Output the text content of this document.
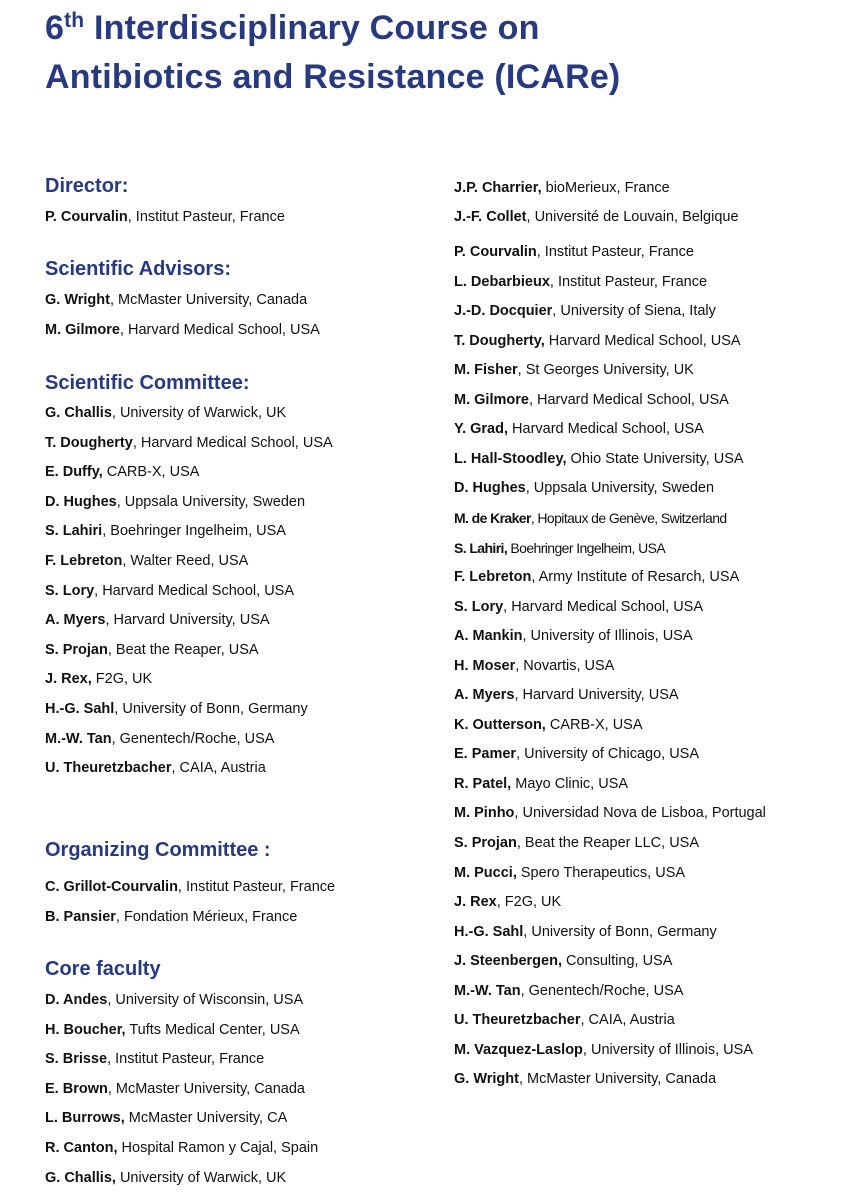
6th Interdisciplinary Course on
Antibiotics and Resistance (ICARe)
Director:
Scientific Advisors:
Scientific Committee:
Organizing Committee :
Core faculty
P. Courvalin, Institut Pasteur, France
G. Wright, McMaster University, Canada
M. Gilmore, Harvard Medical School, USA
G. Challis, University of Warwick, UK
T. Dougherty, Harvard Medical School, USA
E. Duffy, CARB-X, USA
D. Hughes, Uppsala University, Sweden
S. Lahiri, Boehringer Ingelheim, USA
F. Lebreton, Walter Reed, USA
S. Lory, Harvard Medical School, USA
A. Myers, Harvard University, USA
S. Projan, Beat the Reaper, USA
J. Rex, F2G, UK
H.-G. Sahl, University of Bonn, Germany
M.-W. Tan, Genentech/Roche, USA
U. Theuretzbacher, CAIA, Austria
C. Grillot-Courvalin, Institut Pasteur, France
B. Pansier, Fondation Mérieux, France
D. Andes, University of Wisconsin, USA
H. Boucher, Tufts Medical Center, USA
S. Brisse, Institut Pasteur, France
E. Brown, McMaster University, Canada
L. Burrows, McMaster University, CA
R. Canton, Hospital Ramon y Cajal, Spain
G. Challis, University of Warwick, UK
J.P. Charrier, bioMerieux, France
J.-F. Collet, Université de Louvain, Belgique
P. Courvalin, Institut Pasteur, France
L. Debarbieux, Institut Pasteur, France
J.-D. Docquier, University of Siena, Italy
T. Dougherty, Harvard Medical School, USA
M. Fisher, St Georges University, UK
M. Gilmore, Harvard Medical School, USA
Y. Grad, Harvard Medical School, USA
L. Hall-Stoodley, Ohio State University, USA
D. Hughes, Uppsala University, Sweden
M. de Kraker, Hopitaux de Genève, Switzerland
S. Lahiri, Boehringer Ingelheim, USA
F. Lebreton, Army Institute of Resarch, USA
S. Lory, Harvard Medical School, USA
A. Mankin, University of Illinois, USA
H. Moser, Novartis, USA
A. Myers, Harvard University, USA
K. Outterson, CARB-X, USA
E. Pamer, University of Chicago, USA
R. Patel, Mayo Clinic, USA
M. Pinho, Universidad Nova de Lisboa, Portugal
S. Projan, Beat the Reaper LLC, USA
M. Pucci, Spero Therapeutics, USA
J. Rex, F2G, UK
H.-G. Sahl, University of Bonn, Germany
J. Steenbergen, Consulting, USA
M.-W. Tan, Genentech/Roche, USA
U. Theuretzbacher, CAIA, Austria
M. Vazquez-Laslop, University of Illinois, USA
G. Wright, McMaster University, Canada
